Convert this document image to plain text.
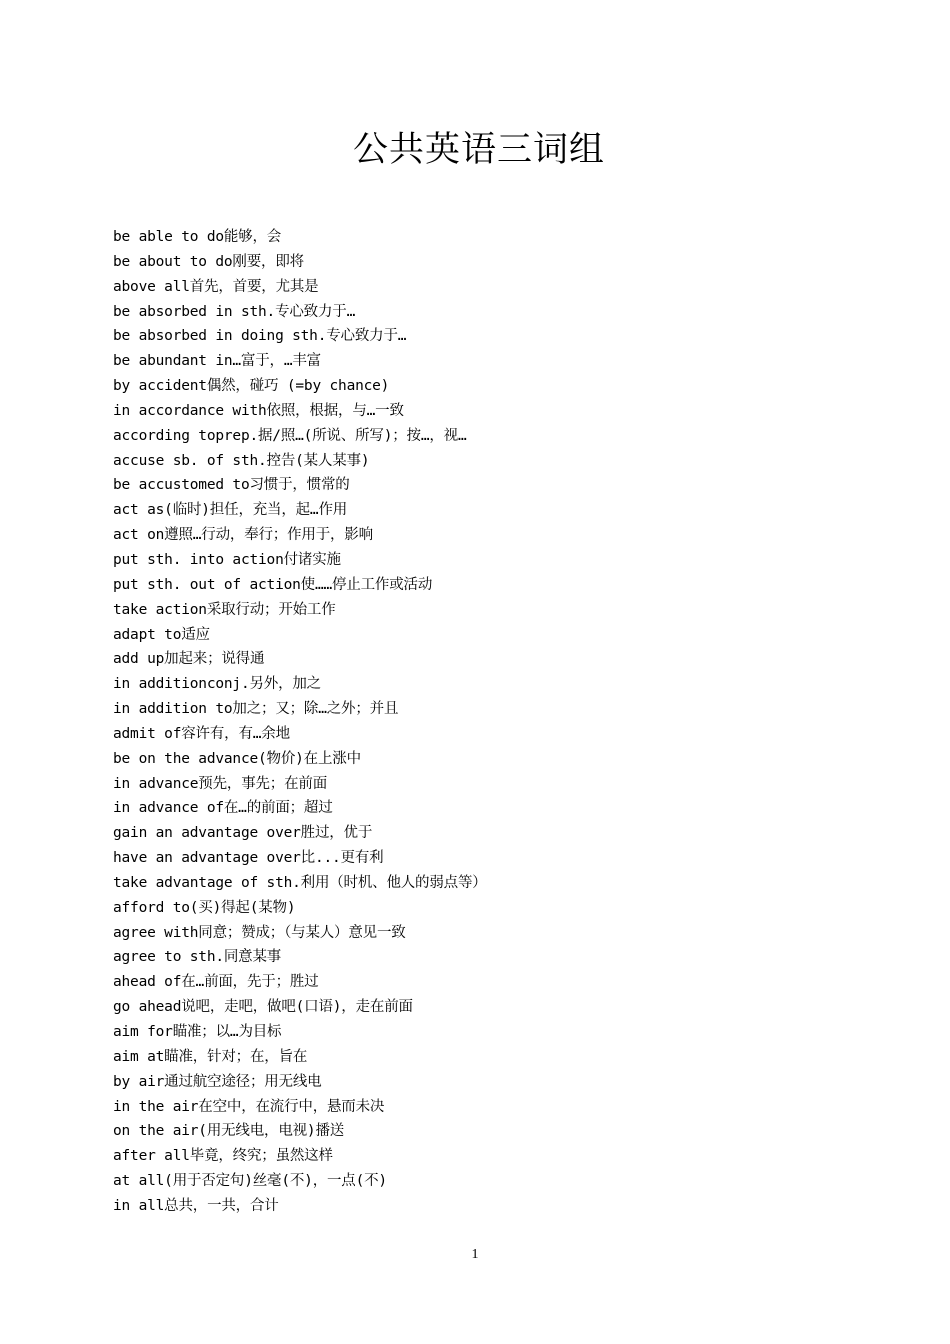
公共英语三词组
be able to do能够，会
be about to do刚要，即将
above all首先，首要，尤其是
be absorbed in sth.专心致力于…
be absorbed in doing sth.专心致力于…
be abundant in…富于，…丰富
by accident偶然，碰巧 (=by chance)
in accordance with依照，根据，与…一致
according toprep.据/照…(所说、所写)；按…，视…
accuse sb. of sth.控告(某人某事)
be accustomed to习惯于，惯常的
act as(临时)担任，充当，起…作用
act on遵照…行动，奉行；作用于，影响
put sth. into action付诸实施
put sth. out of action使……停止工作或活动
take action采取行动；开始工作
adapt to适应
add up加起来；说得通
in additionconj.另外，加之
in addition to加之；又；除…之外；并且
admit of容许有，有…余地
be on the advance(物价)在上涨中
in advance预先，事先；在前面
in advance of在…的前面；超过
gain an advantage over胜过，优于
have an advantage over比...更有利
take advantage of sth.利用（时机、他人的弱点等）
afford to(买)得起(某物)
agree with同意；赞成；（与某人）意见一致
agree to sth.同意某事
ahead of在…前面，先于；胜过
go ahead说吧，走吧，做吧(口语)，走在前面
aim for瞄准；以…为目标
aim at瞄准，针对；在，旨在
by air通过航空途径；用无线电
in the air在空中，在流行中，悬而未决
on the air(用无线电，电视)播送
after all毕竟，终究；虽然这样
at all(用于否定句)丝毫(不)，一点(不)
in all总共，一共，合计
1
